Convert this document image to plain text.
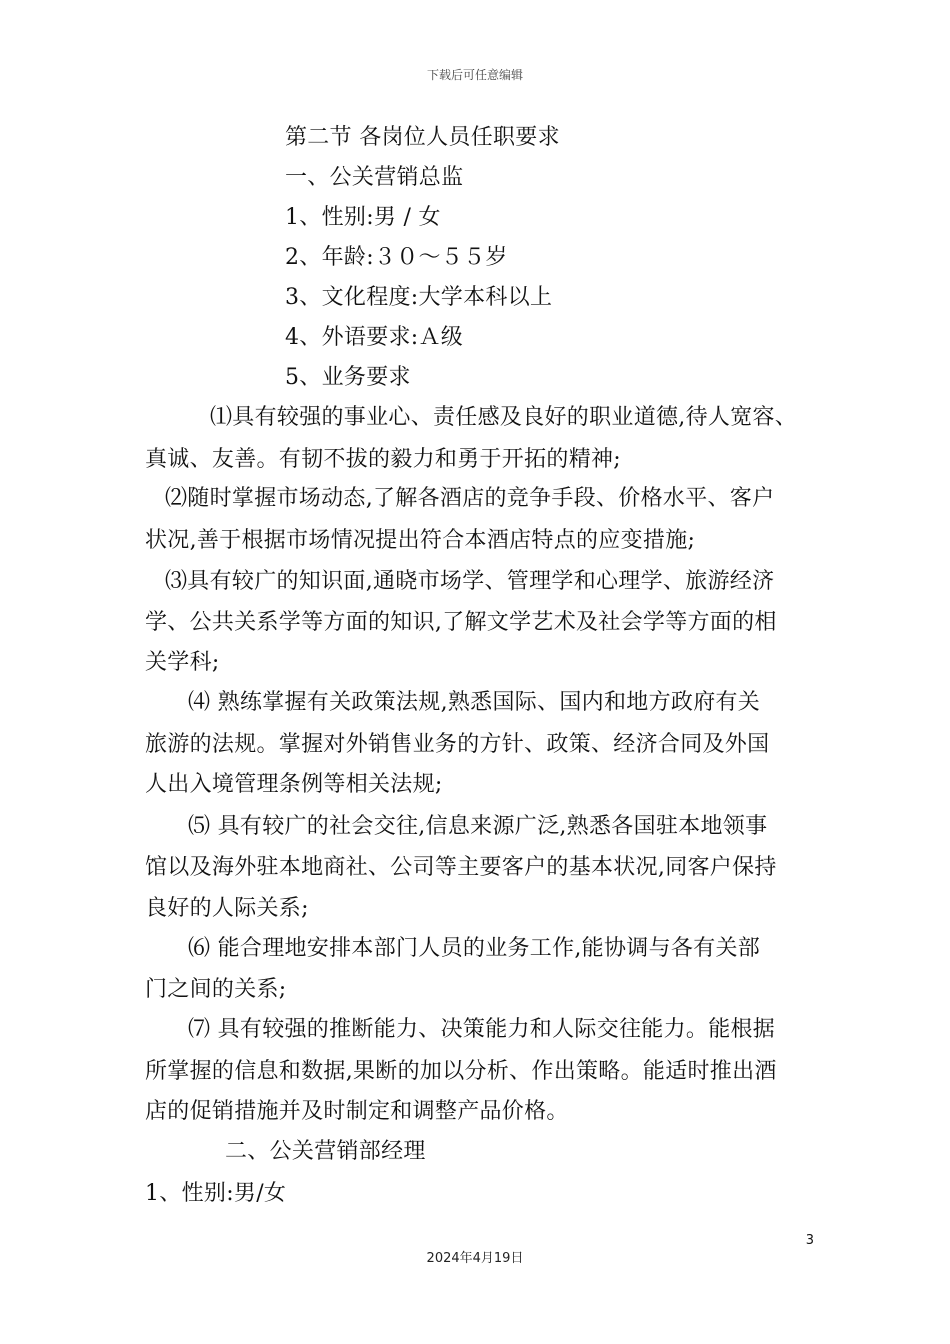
下载后可任意编辑
第二节 各岗位人员任职要求
一、公关营销总监
1、性别:男 / 女
2、年龄:３０～５５岁
3、文化程度:大学本科以上
4、外语要求:Ａ级
5、业务要求
⑴具有较强的事业心、责任感及良好的职业道德,待人宽容、
真诚、友善。有韧不拔的毅力和勇于开拓的精神;
⑵随时掌握市场动态,了解各酒店的竞争手段、价格水平、客户
状况,善于根据市场情况提出符合本酒店特点的应变措施;
⑶具有较广的知识面,通晓市场学、管理学和心理学、旅游经济
学、公共关系学等方面的知识,了解文学艺术及社会学等方面的相
关学科;
⑷ 熟练掌握有关政策法规,熟悉国际、国内和地方政府有关
旅游的法规。掌握对外销售业务的方针、政策、经济合同及外国
人出入境管理条例等相关法规;
⑸ 具有较广的社会交往,信息来源广泛,熟悉各国驻本地领事
馆以及海外驻本地商社、公司等主要客户的基本状况,同客户保持
良好的人际关系;
⑹ 能合理地安排本部门人员的业务工作,能协调与各有关部
门之间的关系;
⑺ 具有较强的推断能力、决策能力和人际交往能力。能根据
所掌握的信息和数据,果断的加以分析、作出策略。能适时推出酒
店的促销措施并及时制定和调整产品价格。
二、公关营销部经理
1、性别:男/女
3
2024年4月19日
